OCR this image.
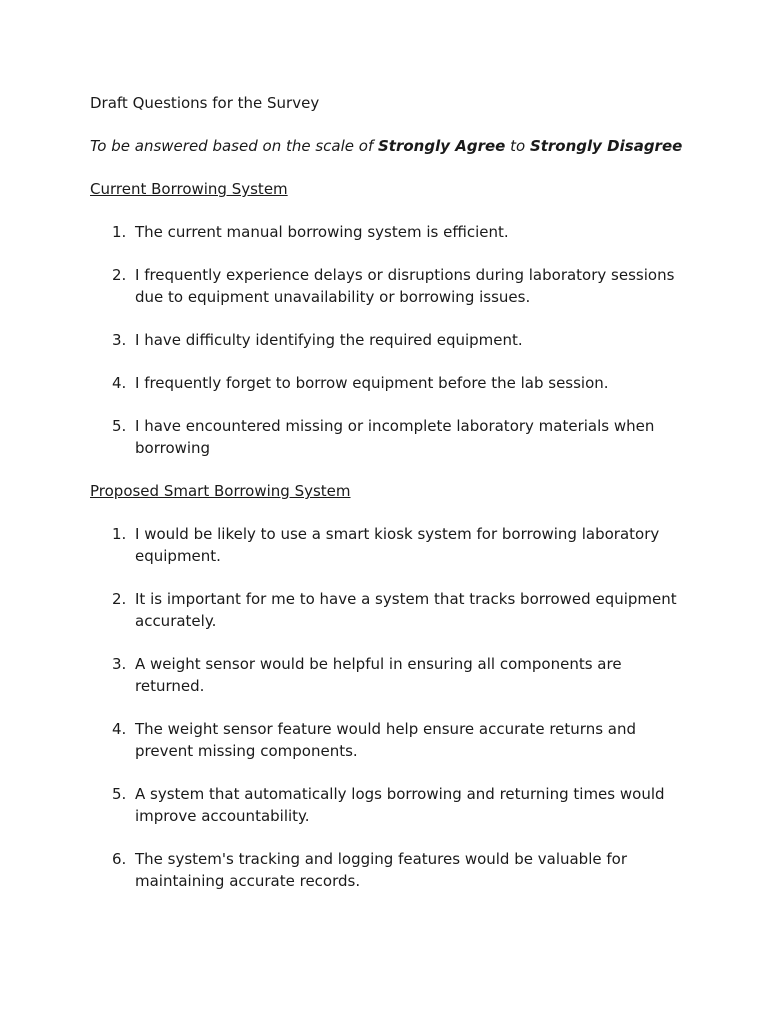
Draft Questions for the Survey

To be answered based on the scale of Strongly Agree to Strongly Disagree

Current Borrowing System

1. The current manual borrowing system is efficient.
2. I frequently experience delays or disruptions during laboratory sessions due to equipment unavailability or borrowing issues.
3. I have difficulty identifying the required equipment.
4. I frequently forget to borrow equipment before the lab session.
5. I have encountered missing or incomplete laboratory materials when borrowing

Proposed Smart Borrowing System

1. I would be likely to use a smart kiosk system for borrowing laboratory equipment.
2. It is important for me to have a system that tracks borrowed equipment accurately.
3. A weight sensor would be helpful in ensuring all components are returned.
4. The weight sensor feature would help ensure accurate returns and prevent missing components.
5. A system that automatically logs borrowing and returning times would improve accountability.
6. The system's tracking and logging features would be valuable for maintaining accurate records.
